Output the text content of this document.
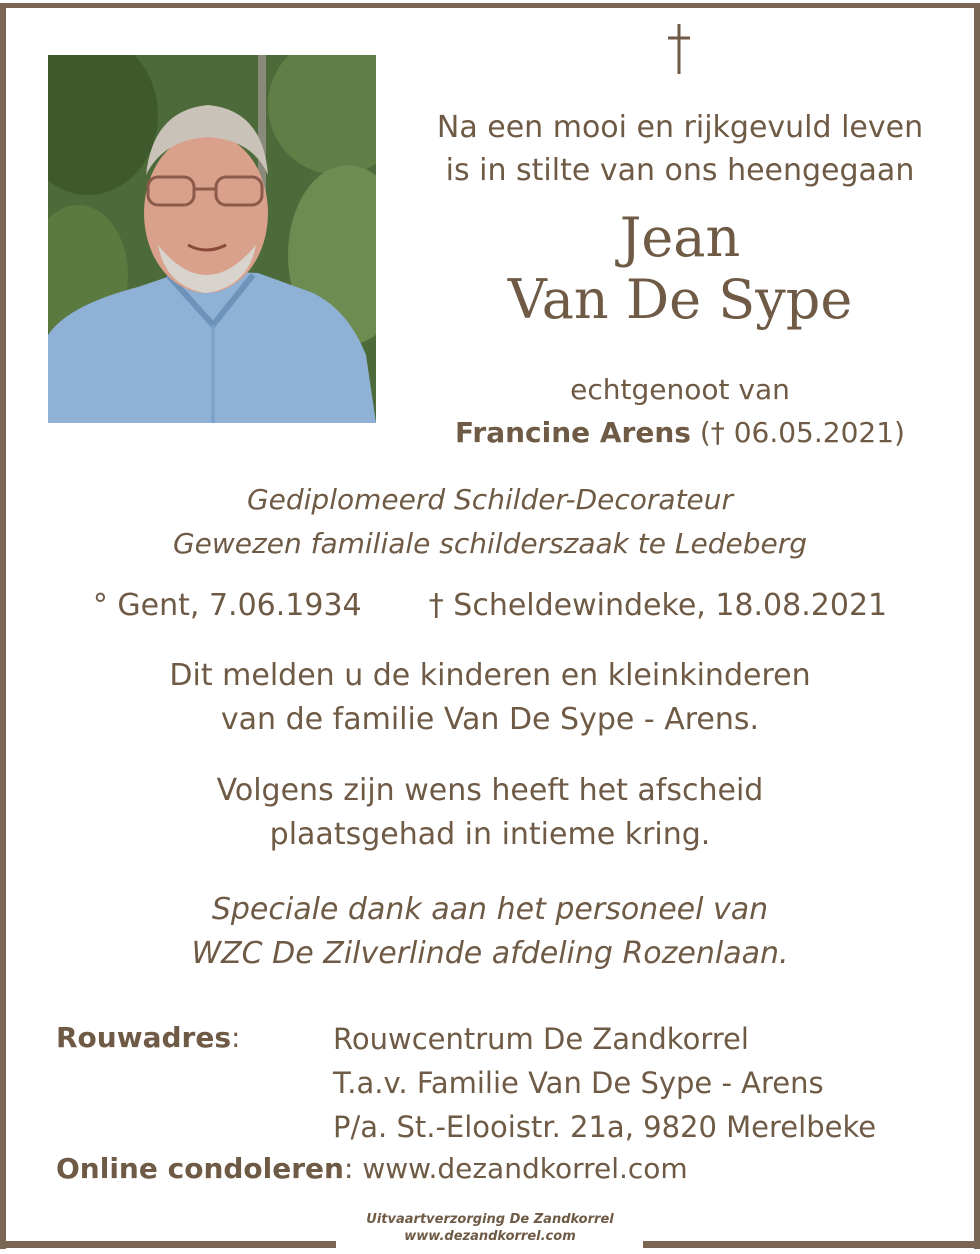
Na een mooi en rijkgevuld leven
is in stilte van ons heengegaan
Jean
Van De Sype
echtgenoot van
Francine Arens († 06.05.2021)
Gediplomeerd Schilder-Decorateur
Gewezen familiale schilderszaak te Ledeberg
° Gent, 7.06.1934 † Scheldewindeke, 18.08.2021
Dit melden u de kinderen en kleinkinderen
van de familie Van De Sype - Arens.
Volgens zijn wens heeft het afscheid
plaatsgehad in intieme kring.
Speciale dank aan het personeel van
WZC De Zilverlinde afdeling Rozenlaan.
Rouwadres:	Rouwcentrum De Zandkorrel
T.a.v. Familie Van De Sype - Arens
P/a. St.-Elooistr. 21a, 9820 Merelbeke
Online condoleren: www.dezandkorrel.com
Uitvaartverzorging De Zandkorrel
www.dezandkorrel.com
